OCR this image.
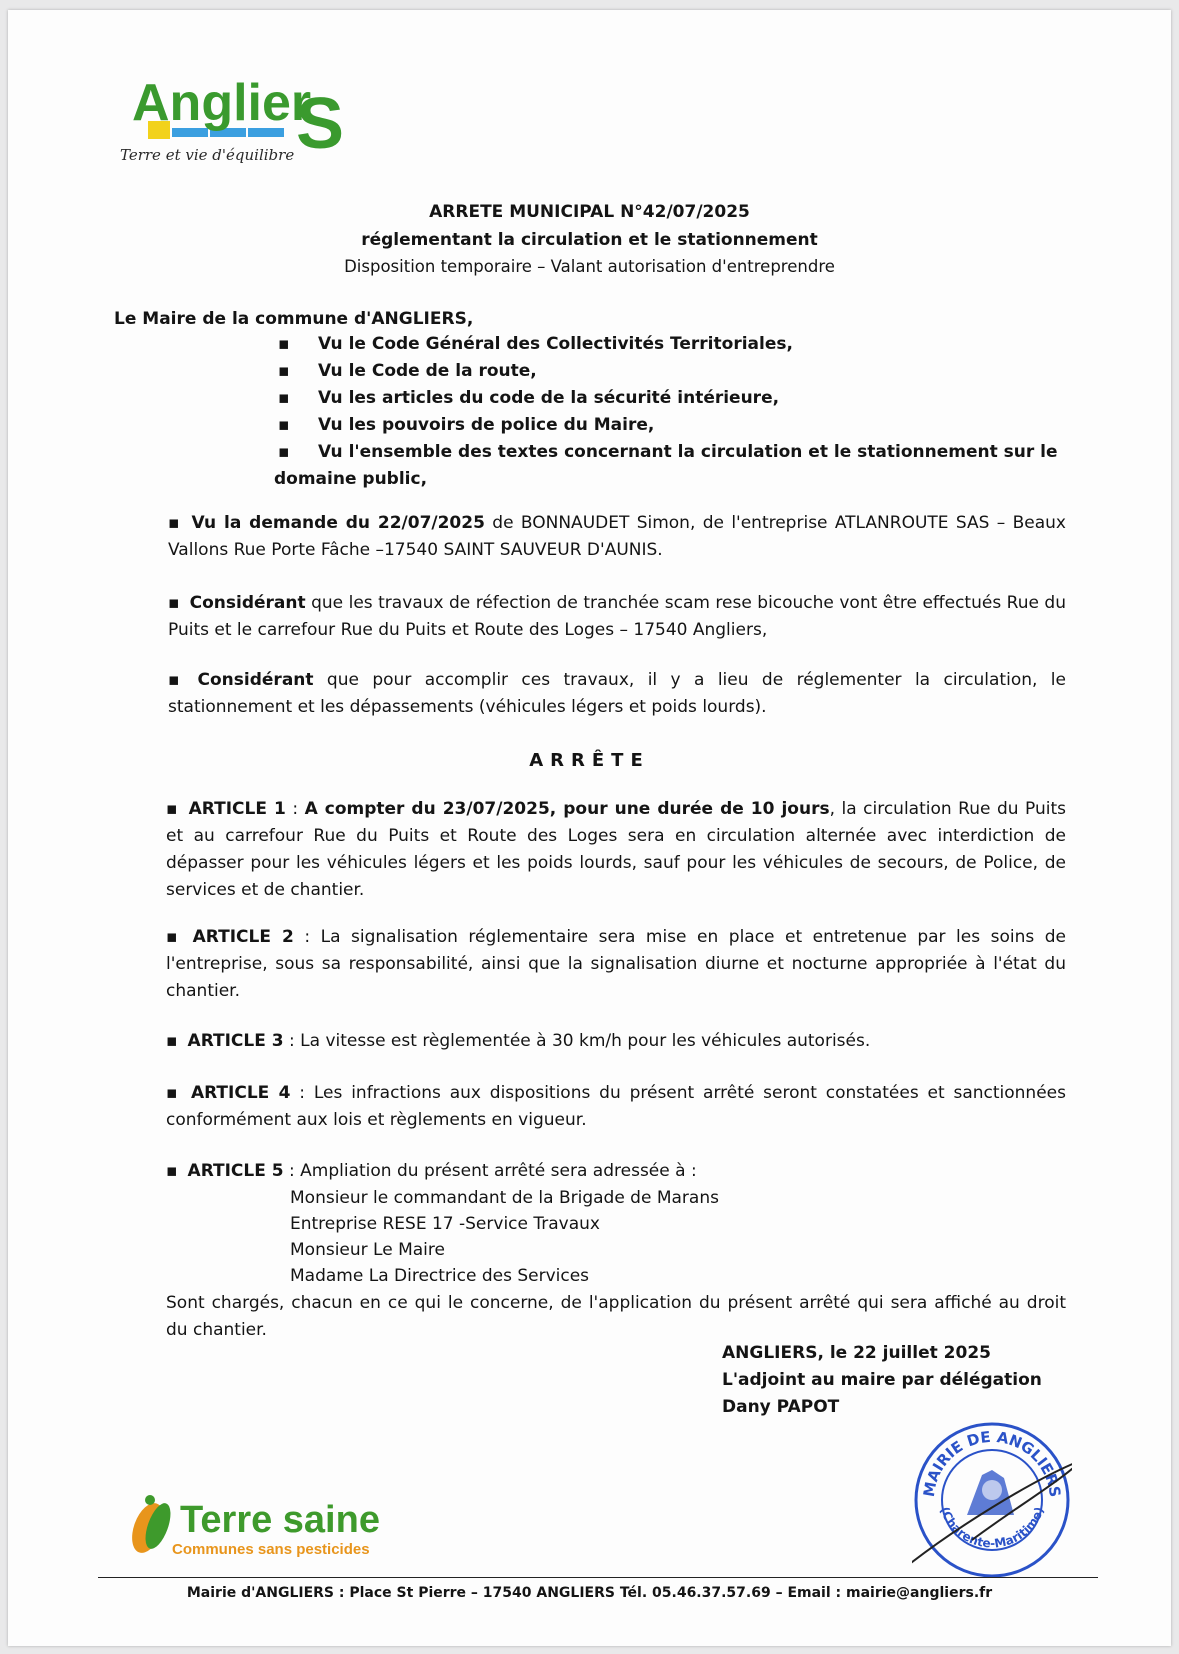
Anglier
S
Terre et vie d'équilibre
ARRETE MUNICIPAL N°42/07/2025
réglementant la circulation et le stationnement
Disposition temporaire – Valant autorisation d'entreprendre
Le Maire de la commune d'ANGLIERS,
▪ Vu le Code Général des Collectivités Territoriales,
▪ Vu le Code de la route,
▪ Vu les articles du code de la sécurité intérieure,
▪ Vu les pouvoirs de police du Maire,
▪ Vu l'ensemble des textes concernant la circulation et le stationnement sur le
domaine public,
▪ Vu la demande du 22/07/2025 de BONNAUDET Simon, de l'entreprise ATLANROUTE SAS – Beaux Vallons Rue Porte Fâche –17540 SAINT SAUVEUR D'AUNIS.
▪ Considérant que les travaux de réfection de tranchée scam rese bicouche vont être effectués Rue du Puits et le carrefour Rue du Puits et Route des Loges – 17540 Angliers,
▪ Considérant que pour accomplir ces travaux, il y a lieu de réglementer la circulation, le stationnement et les dépassements (véhicules légers et poids lourds).
ARRÊTE
▪ ARTICLE 1 : A compter du 23/07/2025, pour une durée de 10 jours, la circulation Rue du Puits et au carrefour Rue du Puits et Route des Loges sera en circulation alternée avec interdiction de dépasser pour les véhicules légers et les poids lourds, sauf pour les véhicules de secours, de Police, de services et de chantier.
▪ ARTICLE 2 : La signalisation réglementaire sera mise en place et entretenue par les soins de l'entreprise, sous sa responsabilité, ainsi que la signalisation diurne et nocturne appropriée à l'état du chantier.
▪ ARTICLE 3 : La vitesse est règlementée à 30 km/h pour les véhicules autorisés.
▪ ARTICLE 4 : Les infractions aux dispositions du présent arrêté seront constatées et sanctionnées conformément aux lois et règlements en vigueur.
▪ ARTICLE 5 : Ampliation du présent arrêté sera adressée à :
Monsieur le commandant de la Brigade de Marans
Entreprise RESE 17 -Service Travaux
Monsieur Le Maire
Madame La Directrice des Services
Sont chargés, chacun en ce qui le concerne, de l'application du présent arrêté qui sera affiché au droit du chantier.
ANGLIERS, le 22 juillet 2025
L'adjoint au maire par délégation
Dany PAPOT
MAIRIE DE ANGLIERS
(Charente-Maritime)
Terre saine
Communes sans pesticides
Mairie d'ANGLIERS : Place St Pierre – 17540 ANGLIERS Tél. 05.46.37.57.69 – Email : mairie@angliers.fr
